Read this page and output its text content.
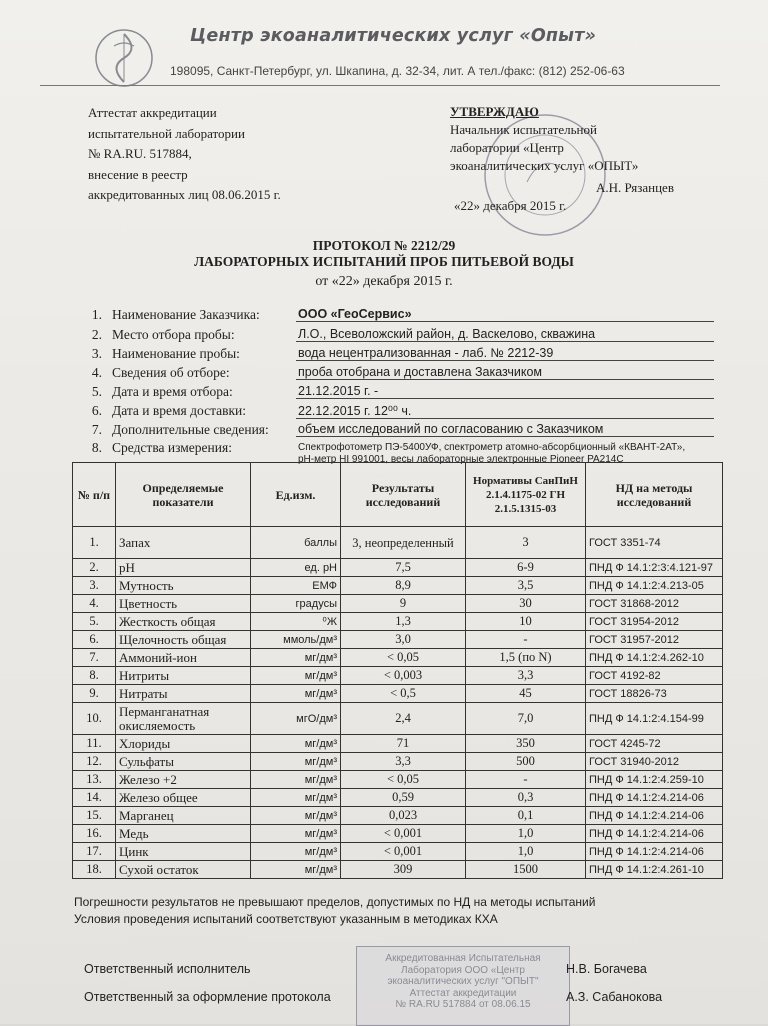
Центр экоаналитических услуг «Опыт»
198095, Санкт-Петербург, ул. Шкапина, д. 32-34, лит. А тел./факс: (812) 252-06-63
Аттестат аккредитации
испытательной лаборатории
№ RA.RU. 517884,
внесение в реестр
аккредитованных лиц 08.06.2015 г.
УТВЕРЖДАЮ
Начальник испытательной
лаборатории «Центр
экоаналитических услуг «ОПЫТ»
А.Н. Рязанцев
«22» декабря 2015 г.
ПРОТОКОЛ № 2212/29
ЛАБОРАТОРНЫХ ИСПЫТАНИЙ ПРОБ ПИТЬЕВОЙ ВОДЫ
от «22» декабря 2015 г.
1. Наименование Заказчика:	ООО «ГеоСервис»
2. Место отбора пробы:	Л.О., Всеволожский район, д. Васкелово, скважина
3. Наименование пробы:	вода нецентрализованная - лаб. № 2212-39
4. Сведения об отборе:	проба отобрана и доставлена Заказчиком
5. Дата и время отбора:	21.12.2015 г. -
6. Дата и время доставки:	22.12.2015 г. 12⁰⁰ ч.
7. Дополнительные сведения: объем исследований по согласованию с Заказчиком
8. Средства измерения:	Спектрофотометр ПЭ-5400УФ, спектрометр атомно-абсорбционный «КВАНТ-2АТ»,
pH-метр HI 991001, весы лабораторные электронные Pioneer PA214C
№ п/п	Определяемые показатели	Ед.изм.	Результаты исследований	Нормативы СанПиН 2.1.4.1175-02 ГН 2.1.5.1315-03	НД на методы исследований
1.	Запах	баллы	3, неопределенный	3	ГОСТ 3351-74
2.	pH	ед. pH	7,5	6-9	ПНД Ф 14.1:2:3:4.121-97
3.	Мутность	ЕМФ	8,9	3,5	ПНД Ф 14.1:2:4.213-05
4.	Цветность	градусы	9	30	ГОСТ 31868-2012
5.	Жесткость общая	⁰Ж	1,3	10	ГОСТ 31954-2012
6.	Щелочность общая	ммоль/дм³	3,0	-	ГОСТ 31957-2012
7.	Аммоний-ион	мг/дм³	< 0,05	1,5 (по N)	ПНД Ф 14.1:2:4.262-10
8.	Нитриты	мг/дм³	< 0,003	3,3	ГОСТ 4192-82
9.	Нитраты	мг/дм³	< 0,5	45	ГОСТ 18826-73
10.	Перманганатная окисляемость	мгО/дм³	2,4	7,0	ПНД Ф 14.1:2:4.154-99
11.	Хлориды	мг/дм³	71	350	ГОСТ 4245-72
12.	Сульфаты	мг/дм³	3,3	500	ГОСТ 31940-2012
13.	Железо +2	мг/дм³	< 0,05	-	ПНД Ф 14.1:2:4.259-10
14.	Железо общее	мг/дм³	0,59	0,3	ПНД Ф 14.1:2:4.214-06
15.	Марганец	мг/дм³	0,023	0,1	ПНД Ф 14.1:2:4.214-06
16.	Медь	мг/дм³	< 0,001	1,0	ПНД Ф 14.1:2:4.214-06
17.	Цинк	мг/дм³	< 0,001	1,0	ПНД Ф 14.1:2:4.214-06
18.	Сухой остаток	мг/дм³	309	1500	ПНД Ф 14.1:2:4.261-10
Погрешности результатов не превышают пределов, допустимых по НД на методы испытаний
Условия проведения испытаний соответствуют указанным в методиках КХА
Аккредитованная Испытательная
Лаборатория ООО «Центр
экоаналитических услуг "ОПЫТ"
Аттестат аккредитации
№ RA.RU 517884 от 08.06.15
Ответственный исполнитель	Н.В. Богачева
Ответственный за оформление протокола	А.З. Сабанокова
